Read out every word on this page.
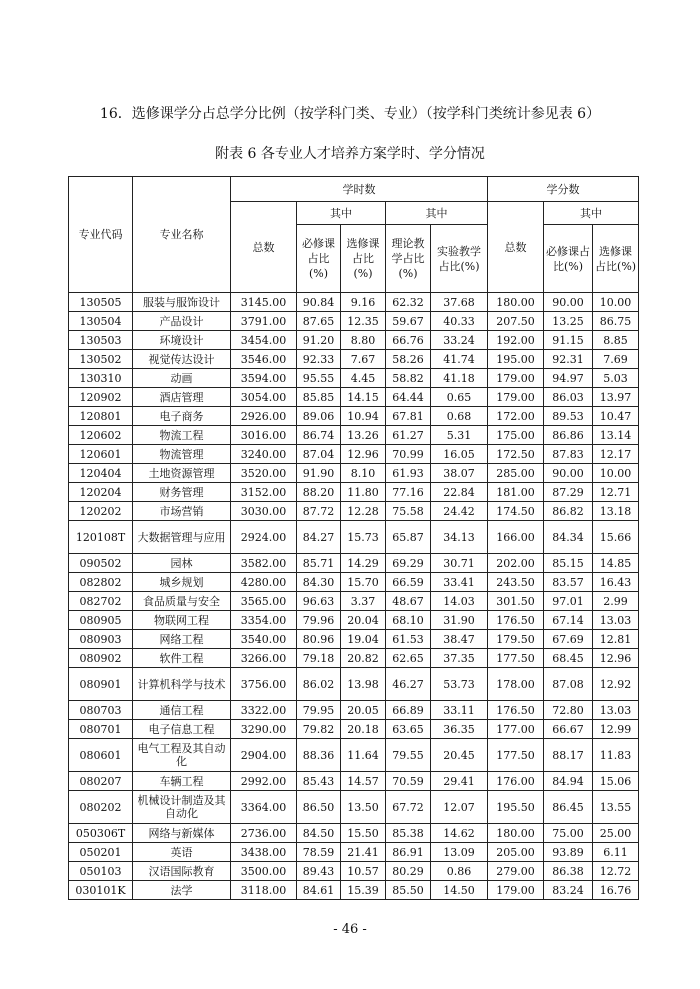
16．选修课学分占总学分比例（按学科门类、专业）（按学科门类统计参见表 6）
附表 6 各专业人才培养方案学时、学分情况
专业代码	专业名称	学时数					学分数		
		总数	其中		其中		总数	其中	
			必修课占比(%)	选修课占比(%)	理论教学占比(%)	实验教学占比(%)		必修课占比(%)	选修课占比(%)
130505	服装与服饰设计	3145.00	90.84	9.16	62.32	37.68	180.00	90.00	10.00
130504	产品设计	3791.00	87.65	12.35	59.67	40.33	207.50	13.25	86.75
130503	环境设计	3454.00	91.20	8.80	66.76	33.24	192.00	91.15	8.85
130502	视觉传达设计	3546.00	92.33	7.67	58.26	41.74	195.00	92.31	7.69
130310	动画	3594.00	95.55	4.45	58.82	41.18	179.00	94.97	5.03
120902	酒店管理	3054.00	85.85	14.15	64.44	0.65	179.00	86.03	13.97
120801	电子商务	2926.00	89.06	10.94	67.81	0.68	172.00	89.53	10.47
120602	物流工程	3016.00	86.74	13.26	61.27	5.31	175.00	86.86	13.14
120601	物流管理	3240.00	87.04	12.96	70.99	16.05	172.50	87.83	12.17
120404	土地资源管理	3520.00	91.90	8.10	61.93	38.07	285.00	90.00	10.00
120204	财务管理	3152.00	88.20	11.80	77.16	22.84	181.00	87.29	12.71
120202	市场营销	3030.00	87.72	12.28	75.58	24.42	174.50	86.82	13.18
120108T	大数据管理与应用	2924.00	84.27	15.73	65.87	34.13	166.00	84.34	15.66
090502	园林	3582.00	85.71	14.29	69.29	30.71	202.00	85.15	14.85
082802	城乡规划	4280.00	84.30	15.70	66.59	33.41	243.50	83.57	16.43
082702	食品质量与安全	3565.00	96.63	3.37	48.67	14.03	301.50	97.01	2.99
080905	物联网工程	3354.00	79.96	20.04	68.10	31.90	176.50	67.14	13.03
080903	网络工程	3540.00	80.96	19.04	61.53	38.47	179.50	67.69	12.81
080902	软件工程	3266.00	79.18	20.82	62.65	37.35	177.50	68.45	12.96
080901	计算机科学与技术	3756.00	86.02	13.98	46.27	53.73	178.00	87.08	12.92
080703	通信工程	3322.00	79.95	20.05	66.89	33.11	176.50	72.80	13.03
080701	电子信息工程	3290.00	79.82	20.18	63.65	36.35	177.00	66.67	12.99
080601	电气工程及其自动化	2904.00	88.36	11.64	79.55	20.45	177.50	88.17	11.83
080207	车辆工程	2992.00	85.43	14.57	70.59	29.41	176.00	84.94	15.06
080202	机械设计制造及其自动化	3364.00	86.50	13.50	67.72	12.07	195.50	86.45	13.55
050306T	网络与新媒体	2736.00	84.50	15.50	85.38	14.62	180.00	75.00	25.00
050201	英语	3438.00	78.59	21.41	86.91	13.09	205.00	93.89	6.11
050103	汉语国际教育	3500.00	89.43	10.57	80.29	0.86	279.00	86.38	12.72
030101K	法学	3118.00	84.61	15.39	85.50	14.50	179.00	83.24	16.76
- 46 -
